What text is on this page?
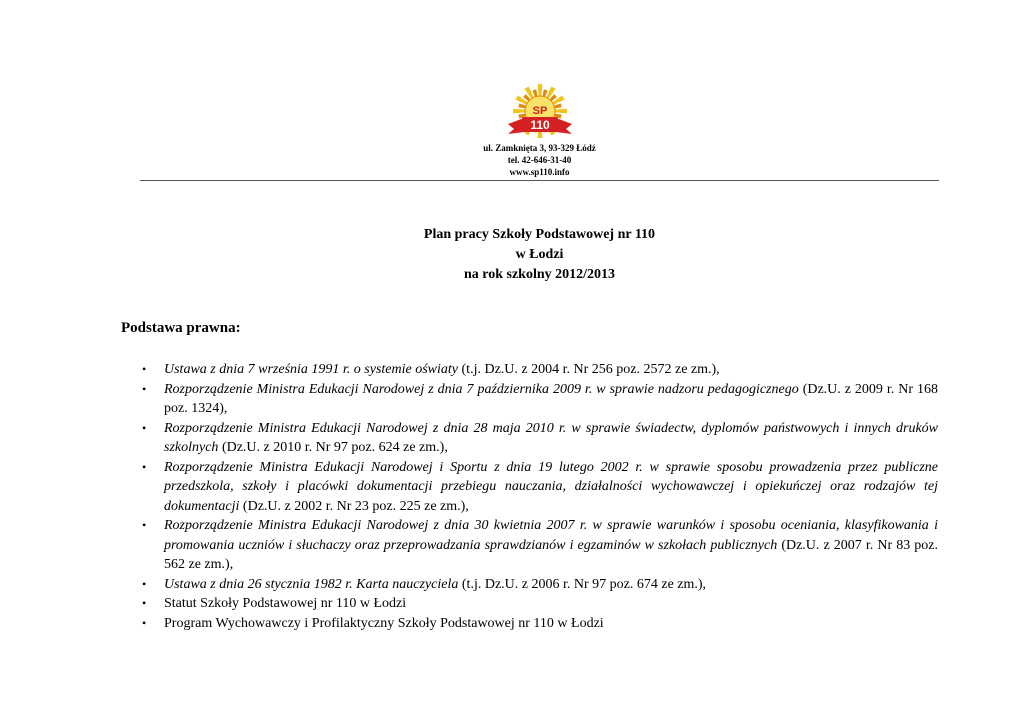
SP
110
ul. Zamknięta 3, 93-329 Łódź
tel. 42-646-31-40
www.sp110.info
Plan pracy Szkoły Podstawowej nr 110
w Łodzi
na rok szkolny 2012/2013
Podstawa prawna:
• Ustawa z dnia 7 września 1991 r. o systemie oświaty (t.j. Dz.U. z 2004 r. Nr 256 poz. 2572 ze zm.),
• Rozporządzenie Ministra Edukacji Narodowej z dnia 7 października 2009 r. w sprawie nadzoru pedagogicznego (Dz.U. z 2009 r. Nr 168 poz. 1324),
• Rozporządzenie Ministra Edukacji Narodowej z dnia 28 maja 2010 r. w sprawie świadectw, dyplomów państwowych i innych druków szkolnych (Dz.U. z 2010 r. Nr 97 poz. 624 ze zm.),
• Rozporządzenie Ministra Edukacji Narodowej i Sportu z dnia 19 lutego 2002 r. w sprawie sposobu prowadzenia przez publiczne przedszkola, szkoły i placówki dokumentacji przebiegu nauczania, działalności wychowawczej i opiekuńczej oraz rodzajów tej dokumentacji (Dz.U. z 2002 r. Nr 23 poz. 225 ze zm.),
• Rozporządzenie Ministra Edukacji Narodowej z dnia 30 kwietnia 2007 r. w sprawie warunków i sposobu oceniania, klasyfikowania i promowania uczniów i słuchaczy oraz przeprowadzania sprawdzianów i egzaminów w szkołach publicznych (Dz.U. z 2007 r. Nr 83 poz. 562 ze zm.),
• Ustawa z dnia 26 stycznia 1982 r. Karta nauczyciela (t.j. Dz.U. z 2006 r. Nr 97 poz. 674 ze zm.),
• Statut Szkoły Podstawowej nr 110 w Łodzi
• Program Wychowawczy i Profilaktyczny Szkoły Podstawowej nr 110 w Łodzi
